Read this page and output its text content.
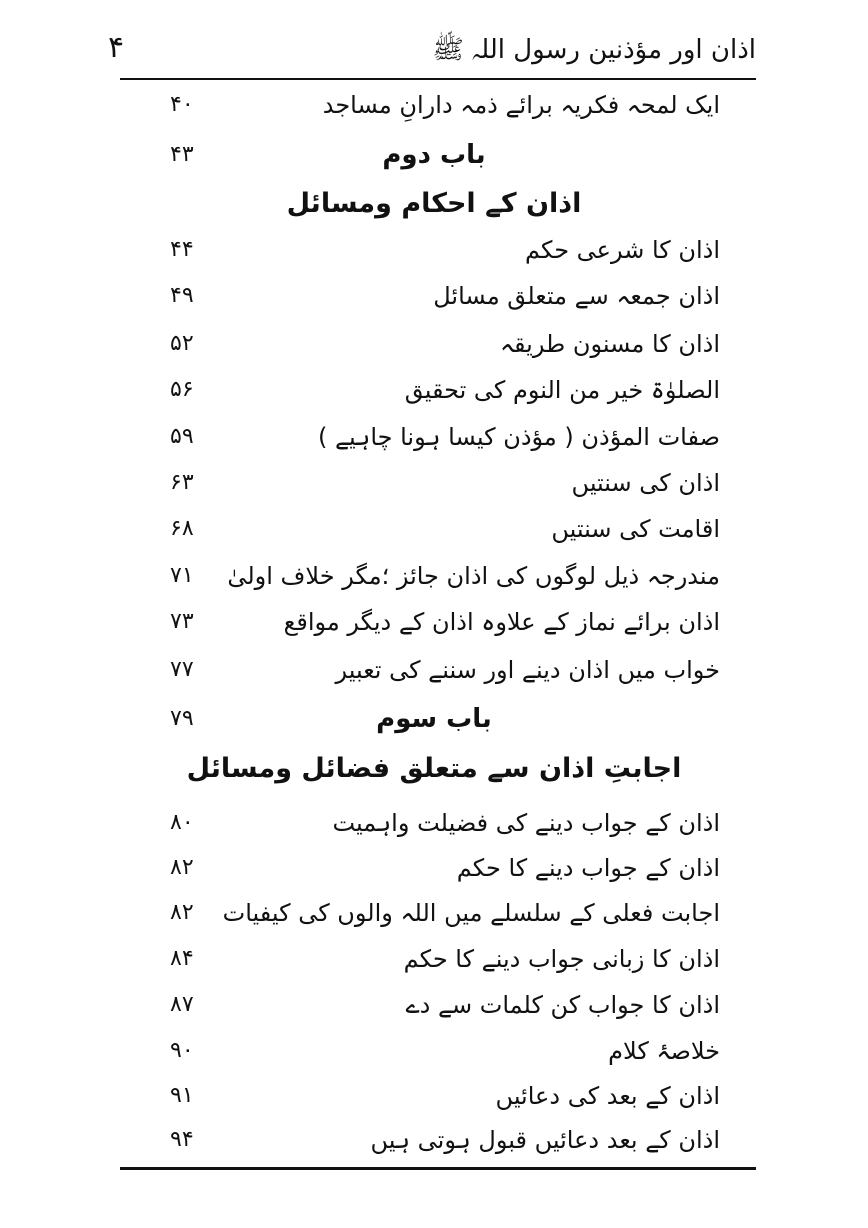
۴	اذان اور مؤذنین رسول اللہ ﷺ
ایک لمحہ فکریہ برائے ذمہ دارانِ مساجد
۴۰
باب دوم
۴۳
اذان کے احکام ومسائل
اذان کا شرعی حکم
۴۴
اذان جمعہ سے متعلق مسائل
۴۹
اذان کا مسنون طریقہ
۵۲
الصلوٰۃ خیر من النوم کی تحقیق
۵۶
صفات المؤذن ( مؤذن کیسا ہونا چاہیے )
۵۹
اذان کی سنتیں
۶۳
اقامت کی سنتیں
۶۸
مندرجہ ذیل لوگوں کی اذان جائز ؛مگر خلاف اولیٰ
۷۱
اذان برائے نماز کے علاوہ اذان کے دیگر مواقع
۷۳
خواب میں اذان دینے اور سننے کی تعبیر
۷۷
باب سوم
۷۹
اجابتِ اذان سے متعلق فضائل ومسائل
اذان کے جواب دینے کی فضیلت واہمیت
۸۰
اذان کے جواب دینے کا حکم
۸۲
اجابت فعلی کے سلسلے میں اللہ والوں کی کیفیات
۸۲
اذان کا زبانی جواب دینے کا حکم
۸۴
اذان کا جواب کن کلمات سے دے
۸۷
خلاصۂ کلام
۹۰
اذان کے بعد کی دعائیں
۹۱
اذان کے بعد دعائیں قبول ہوتی ہیں
۹۴
